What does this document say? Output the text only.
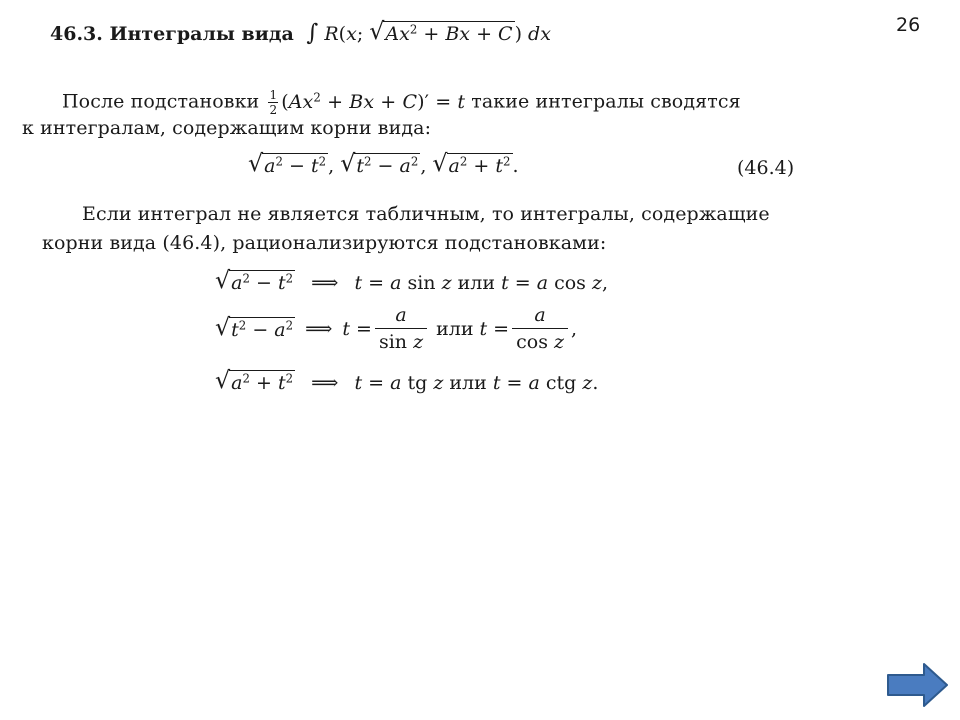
26
46.3. Интегралы вида ∫ R(x; √ $Ax^2 + Bx + C$ ) dx
После подстановки $\frac{1}{2} (Ax^2 + Bx + C)' = t$ такие интегралы сводятся
к интегралам, содержащим корни вида:
√ $a^2 - t^2$ , √ $t^2 - a^2$ , √ $a^2 + t^2$ .	(46.4)
Если интеграл не является табличным, то интегралы, содержащие
корни вида (46.4), рационализируются подстановками:
√ $a^2 - t^2$ ⟹ t = a sin z или t = a cos z,
√ $t^2 - a^2$ ⟹ $t = \frac{a}{\text{sin z}}$ или $t = \frac{a}{\text{cos z}}$ ,
√ $a^2 + t^2$ ⟹ t = a tg z или t = a ctg z.
